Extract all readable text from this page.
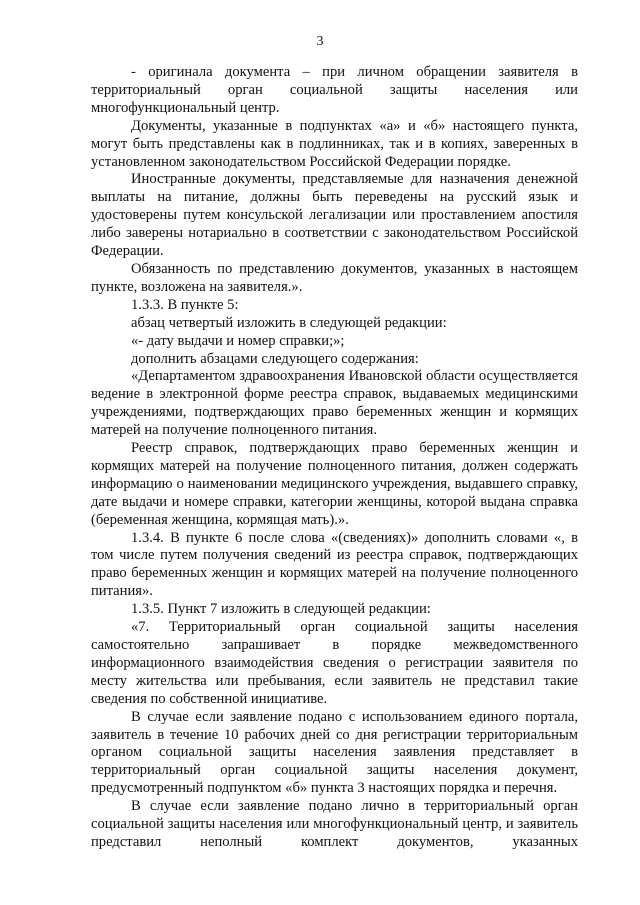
3

- оригинала документа – при личном обращении заявителя в территориальный орган социальной защиты населения или многофункциональный центр.

Документы, указанные в подпунктах «а» и «б» настоящего пункта, могут быть представлены как в подлинниках, так и в копиях, заверенных в установленном законодательством Российской Федерации порядке.

Иностранные документы, представляемые для назначения денежной выплаты на питание, должны быть переведены на русский язык и удостоверены путем консульской легализации или проставлением апостиля либо заверены нотариально в соответствии с законодательством Российской Федерации.

Обязанность по представлению документов, указанных в настоящем пункте, возложена на заявителя.».

1.3.3. В пункте 5:

абзац четвертый изложить в следующей редакции:

«- дату выдачи и номер справки;»;

дополнить абзацами следующего содержания:

«Департаментом здравоохранения Ивановской области осуществляется ведение в электронной форме реестра справок, выдаваемых медицинскими учреждениями, подтверждающих право беременных женщин и кормящих матерей на получение полноценного питания.

Реестр справок, подтверждающих право беременных женщин и кормящих матерей на получение полноценного питания, должен содержать информацию о наименовании медицинского учреждения, выдавшего справку, дате выдачи и номере справки, категории женщины, которой выдана справка (беременная женщина, кормящая мать).».

1.3.4. В пункте 6 после слова «(сведениях)» дополнить словами «, в том числе путем получения сведений из реестра справок, подтверждающих право беременных женщин и кормящих матерей на получение полноценного питания».

1.3.5. Пункт 7 изложить в следующей редакции:

«7. Территориальный орган социальной защиты населения самостоятельно запрашивает в порядке межведомственного информационного взаимодействия сведения о регистрации заявителя по месту жительства или пребывания, если заявитель не представил такие сведения по собственной инициативе.

В случае если заявление подано с использованием единого портала, заявитель в течение 10 рабочих дней со дня регистрации территориальным органом социальной защиты населения заявления представляет в территориальный орган социальной защиты населения документ, предусмотренный подпунктом «б» пункта 3 настоящих порядка и перечня.

В случае если заявление подано лично в территориальный орган социальной защиты населения или многофункциональный центр, и заявитель представил неполный комплект документов, указанных
